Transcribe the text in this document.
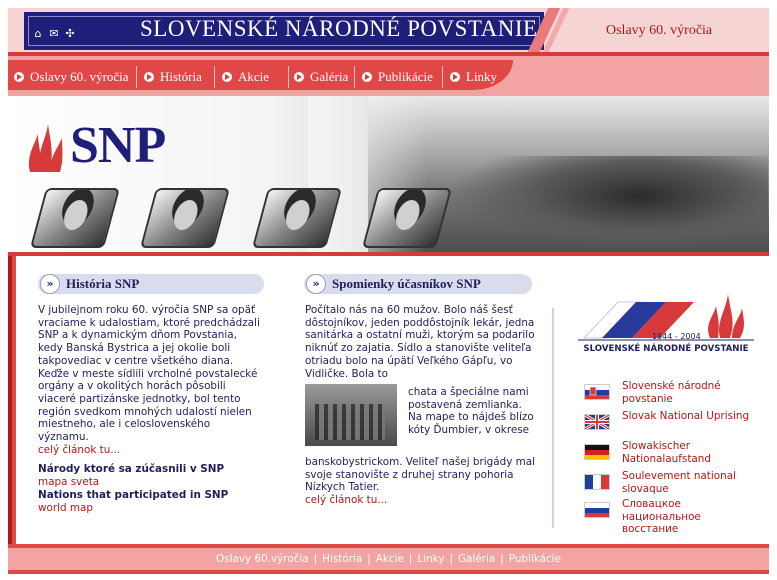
⌂ ✉ ✣	SLOVENSKÉ NÁRODNÉ POVSTANIE	Oslavy 60. výročia
Oslavy 60. výročia História	Akcie	Galéria Publikácie	Linky
SNP
» História SNP
V jubilejnom roku 60. výročia SNP sa opäť vraciame k udalostiam, ktoré predchádzali SNP a k dynamickým dňom Povstania, kedy Banská Bystrica a jej okolie boli takpovediac v centre všetkého diana. Keďže v meste sídlili vrcholné povstalecké orgány a v okolitých horách pôsobili viaceré partizánske jednotky, bol tento región svedkom mnohých udalostí nielen miestneho, ale i celoslovenského významu.
celý článok tu...

Národy ktoré sa zúčasnili v SNP
mapa sveta
Nations that participated in SNP
world map
» Spomienky účasníkov SNP
Počítalo nás na 60 mužov. Bolo náš šesť dôstojníkov, jeden poddôstojník lekár, jedna sanitárka a ostatní muži, ktorým sa podarilo niknúť zo zajatia. Sídlo a stanovište veliteľa otriadu bolo na úpätí Veľkého Gápľu, vo Vidličke. Bola to
chata a špeciálne nami postavená zemlianka. Na mape to nájdeš blízo kóty Ďumbier, v okrese
banskobystrickom. Veliteľ našej brigády mal svoje stanovište z druhej strany pohoria Nízkych Tatier.
celý článok tu...
1944 - 2004
SLOVENSKÉ NÁRODNÉ POVSTANIE
Slovenské národné povstanie
Slovak National Uprising
Slowakischer Nationalaufstand
Soulevement national slovaque
Словацкое национальное восстание
Oslavy 60.výročia | História | Akcie | Linky | Galéria | Publikácie
